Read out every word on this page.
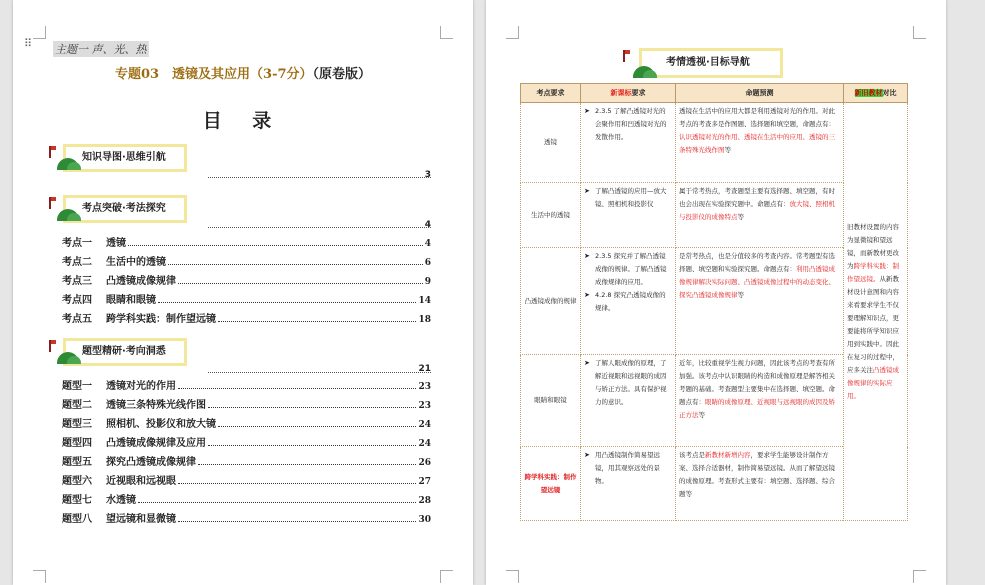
⠿ 主题一 声、光、热
专题03　透镜及其应用（3-7分）（原卷版）
目 录
知识导图·思维引航
3
考点突破·考法探究
4
考点一	透镜	4
考点二	生活中的透镜	6
考点三	凸透镜成像规律	9
考点四	眼睛和眼镜	14
考点五	跨学科实践：制作望远镜	18
题型精研·考向洞悉
21
题型一	透镜对光的作用	23
题型二	透镜三条特殊光线作图	23
题型三	照相机、投影仪和放大镜	24
题型四	凸透镜成像规律及应用	24
题型五	探究凸透镜成像规律	26
题型六	近视眼和远视眼	27
题型七	水透镜	28
题型八	望远镜和显微镜	30
考情透视·目标导航
考点要求	新课标要求	命题预测	新旧教材对比
透镜	➤ 2.3.5 了解凸透镜对光的会聚作用和凹透镜对光的发散作用。	透镜在生活中的应用大都是利用透镜对光的作用。对此考点的考查多是作图题、选择题和填空题，命题点有：认识透镜对光的作用、透镜在生活中的应用、透镜的三条特殊光线作图等	旧教材设置的内容为显微镜和望远镜，而新教材更改为跨学科实践：制作望远镜。从新教材设计意图和内容来看要求学生不仅要理解知识点，更要能将所学知识应用到实践中。因此在复习的过程中，应多关注凸透镜成像规律的实际应用。
生活中的透镜	➤ 了解凸透镜的应用—放大镜、照相机和投影仪	属于常考热点，考查题型主要有选择题、填空题，有时也会出现在实验探究题中。命题点有：放大镜、照相机与投影仪的成像特点等	
凸透镜成像的规律	➤ 2.3.5 探究并了解凸透镜成像的规律。了解凸透镜成像规律的应用。
➤ 4.2.8 探究凸透镜成像的规律。	是常考热点，也是分值较多的考查内容。常考题型有选择题、填空题和实验探究题。命题点有：利用凸透镜成像规律解决实际问题、凸透镜成像过程中的动态变化、探究凸透镜成像规律等	
眼睛和眼镜	➤ 了解人眼成像的原理，了解近视眼和远视眼的成因与矫正方法。具有保护视力的意识。	近年，比较重视学生视力问题，因此该考点的考查有所加强。该考点中认识眼睛的构造和成像原理是解答相关考题的基础。考查题型主要集中在选择题、填空题。命题点有：眼睛的成像原理、近视眼与远视眼的成因及矫正方法等	
跨学科实践：制作望远镜	➤ 用凸透镜制作简易望远镜，用其观察远处的景物。	该考点是新教材新增内容，要求学生能够设计制作方案、选择合适器材，制作简易望远镜。从而了解望远镜的成像原理。考查形式主要有：填空题、选择题、综合题等	
